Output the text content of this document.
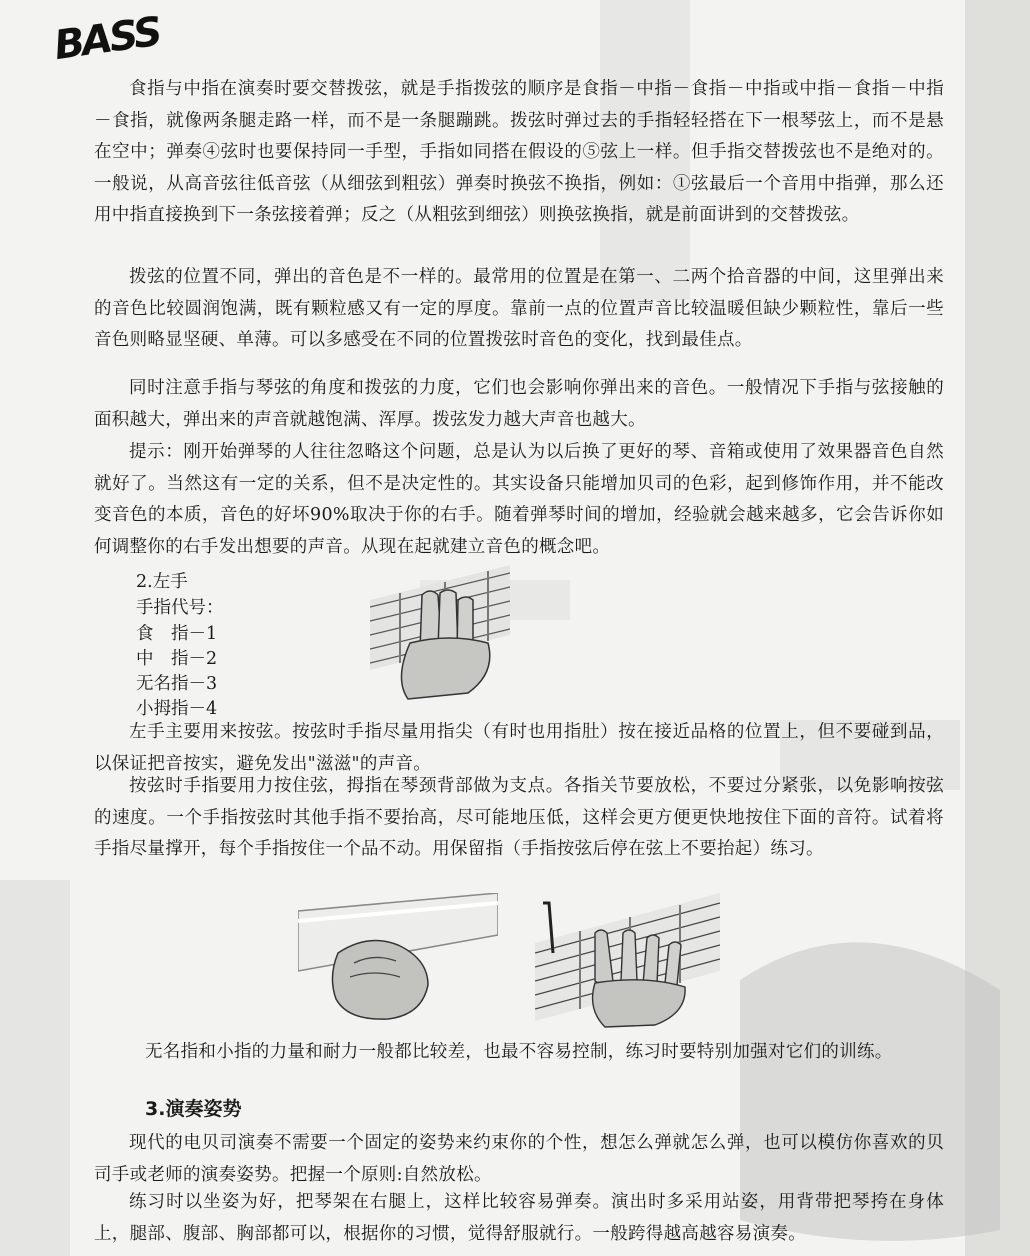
BASS

食指与中指在演奏时要交替拨弦，就是手指拨弦的顺序是食指－中指－食指－中指或中指－食指－中指－食指，就像两条腿走路一样，而不是一条腿蹦跳。拨弦时弹过去的手指轻轻搭在下一根琴弦上，而不是悬在空中；弹奏④弦时也要保持同一手型，手指如同搭在假设的⑤弦上一样。但手指交替拨弦也不是绝对的。一般说，从高音弦往低音弦（从细弦到粗弦）弹奏时换弦不换指，例如：①弦最后一个音用中指弹，那么还用中指直接换到下一条弦接着弹；反之（从粗弦到细弦）则换弦换指，就是前面讲到的交替拨弦。

拨弦的位置不同，弹出的音色是不一样的。最常用的位置是在第一、二两个拾音器的中间，这里弹出来的音色比较圆润饱满，既有颗粒感又有一定的厚度。靠前一点的位置声音比较温暖但缺少颗粒性，靠后一些音色则略显坚硬、单薄。可以多感受在不同的位置拨弦时音色的变化，找到最佳点。

同时注意手指与琴弦的角度和拨弦的力度，它们也会影响你弹出来的音色。一般情况下手指与弦接触的面积越大，弹出来的声音就越饱满、浑厚。拨弦发力越大声音也越大。

提示：刚开始弹琴的人往往忽略这个问题，总是认为以后换了更好的琴、音箱或使用了效果器音色自然就好了。当然这有一定的关系，但不是决定性的。其实设备只能增加贝司的色彩，起到修饰作用，并不能改变音色的本质，音色的好坏90%取决于你的右手。随着弹琴时间的增加，经验就会越来越多，它会告诉你如何调整你的右手发出想要的声音。从现在起就建立音色的概念吧。

2.左手

手指代号：

食　指－1

中　指－2

无名指－3

小拇指－4

左手主要用来按弦。按弦时手指尽量用指尖（有时也用指肚）按在接近品格的位置上，但不要碰到品，以保证把音按实，避免发出"滋滋"的声音。

按弦时手指要用力按住弦，拇指在琴颈背部做为支点。各指关节要放松，不要过分紧张，以免影响按弦的速度。一个手指按弦时其他手指不要抬高，尽可能地压低，这样会更方便更快地按住下面的音符。试着将手指尽量撑开，每个手指按住一个品不动。用保留指（手指按弦后停在弦上不要抬起）练习。

无名指和小指的力量和耐力一般都比较差，也最不容易控制，练习时要特别加强对它们的训练。

3.演奏姿势

现代的电贝司演奏不需要一个固定的姿势来约束你的个性，想怎么弹就怎么弹，也可以模仿你喜欢的贝司手或老师的演奏姿势。把握一个原则:自然放松。

练习时以坐姿为好，把琴架在右腿上，这样比较容易弹奏。演出时多采用站姿，用背带把琴挎在身体上，腿部、腹部、胸部都可以，根据你的习惯，觉得舒服就行。一般跨得越高越容易演奏。
